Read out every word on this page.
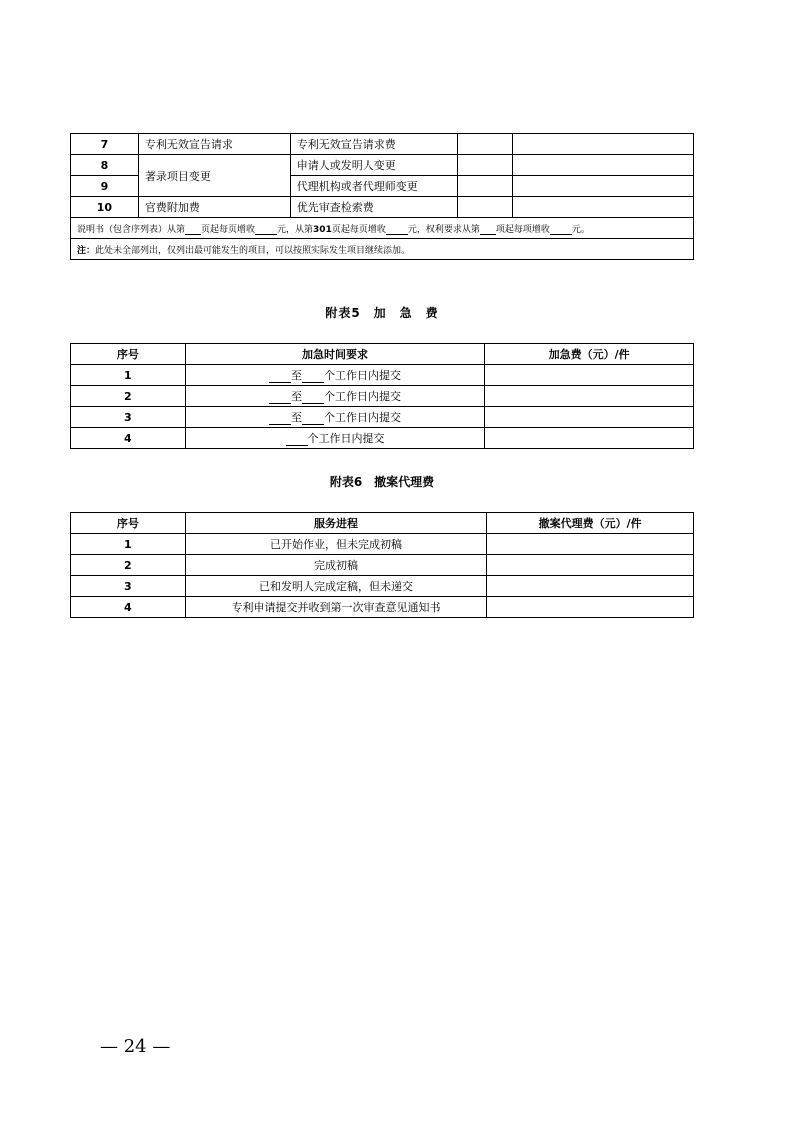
7	专利无效宣告请求	专利无效宣告请求费		
8	著录项目变更	申请人或发明人变更		
9		代理机构或者代理师变更		
10	官费附加费	优先审查检索费		
说明书（包含序列表）从第 页起每页增收 元，从第301页起每页增收 元，权利要求从第 项起每项增收 元。				
注：此处未全部列出，仅列出最可能发生的项目，可以按照实际发生项目继续添加。				
附表5　加　急　费
序号	加急时间要求	加急费（元）/件
1	至 个工作日内提交	
2	至 个工作日内提交	
3	至 个工作日内提交	
4	个工作日内提交	
附表6　撤案代理费
序号	服务进程	撤案代理费（元）/件
1	已开始作业，但未完成初稿	
2	完成初稿	
3	已和发明人完成定稿，但未递交	
4	专利申请提交并收到第一次审查意见通知书	
— 24 —
